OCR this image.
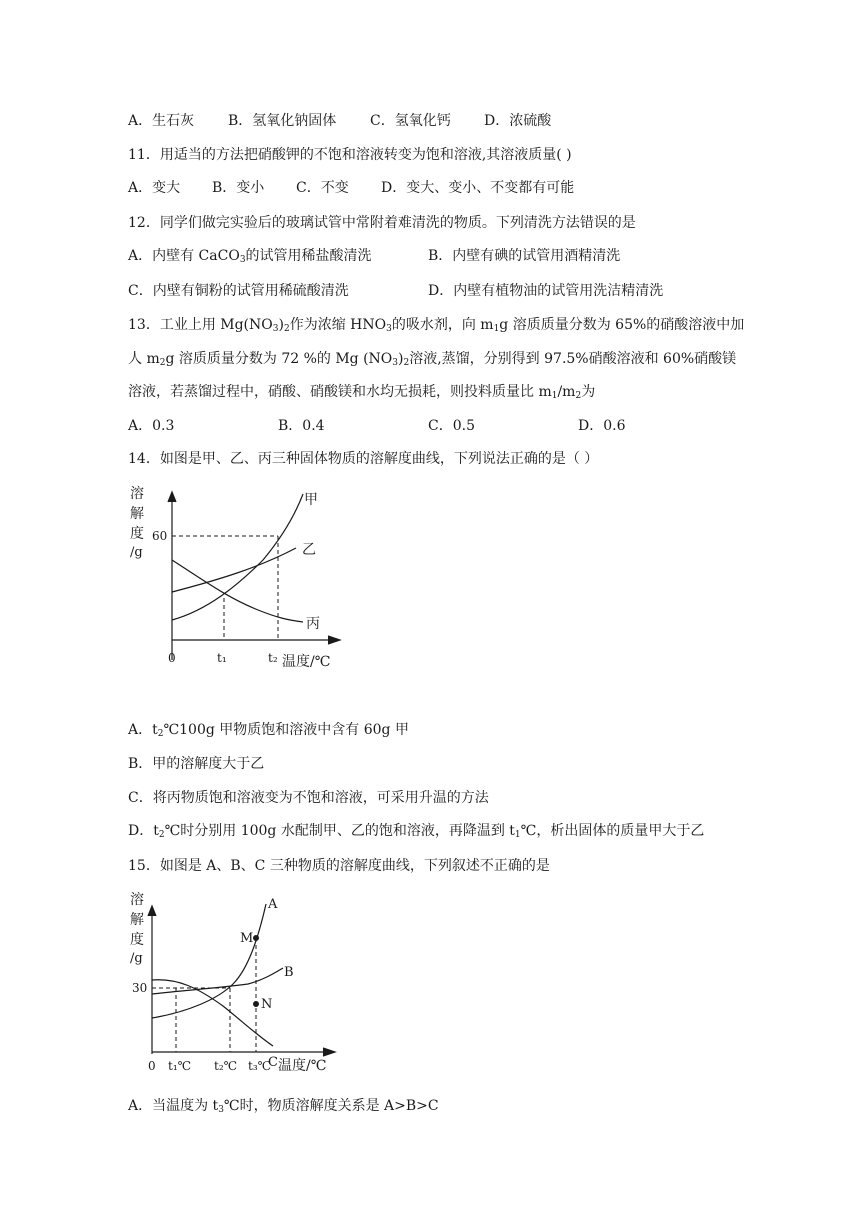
A．生石灰 B．氢氧化钠固体 C．氢氧化钙 D．浓硫酸
11．用适当的方法把硝酸钾的不饱和溶液转变为饱和溶液,其溶液质量( )
A．变大 B．变小 C．不变 D．变大、变小、不变都有可能
12．同学们做完实验后的玻璃试管中常附着难清洗的物质。下列清洗方法错误的是
A．内壁有 CaCO$_3$的试管用稀盐酸清洗	B．内壁有碘的试管用酒精清洗
C．内壁有铜粉的试管用稀硫酸清洗	D．内壁有植物油的试管用洗洁精清洗
13．工业上用 $Mg(NO_3)_2$作为浓缩 $HNO_3$的吸水剂，向 $m_1g$ 溶质质量分数为 65%的硝酸溶液中加
人 $m_2g$ 溶质质量分数为 72 %的 Mg $(NO_3)_2$溶液,蒸馏，分别得到 97.5%硝酸溶液和 60%硝酸镁
溶液，若蒸馏过程中，硝酸、硝酸镁和水均无损耗，则投料质量比 $m_1/m_2$为
A．0.3	B．0.4	C．0.5	D．0.6
14．如图是甲、乙、丙三种固体物质的溶解度曲线，下列说法正确的是（ ）
溶
解
度
/g
60
0	t₁	t₂ 温度/℃
甲
乙
丙
A．$t_2℃100g$ 甲物质饱和溶液中含有 60g 甲
B．甲的溶解度大于乙
C．将丙物质饱和溶液变为不饱和溶液，可采用升温的方法
D．$t_2℃$时分别用 100g 水配制甲、乙的饱和溶液，再降温到 $t_1℃$，析出固体的质量甲大于乙
15．如图是 A、B、C 三种物质的溶解度曲线，下列叙述不正确的是
溶
解
度
/g
30
0 t₁℃ t₂℃ t₃℃ 温度/℃
A
B
C
M
N
A．当温度为 $t_3℃$时，物质溶解度关系是 A>B>C
